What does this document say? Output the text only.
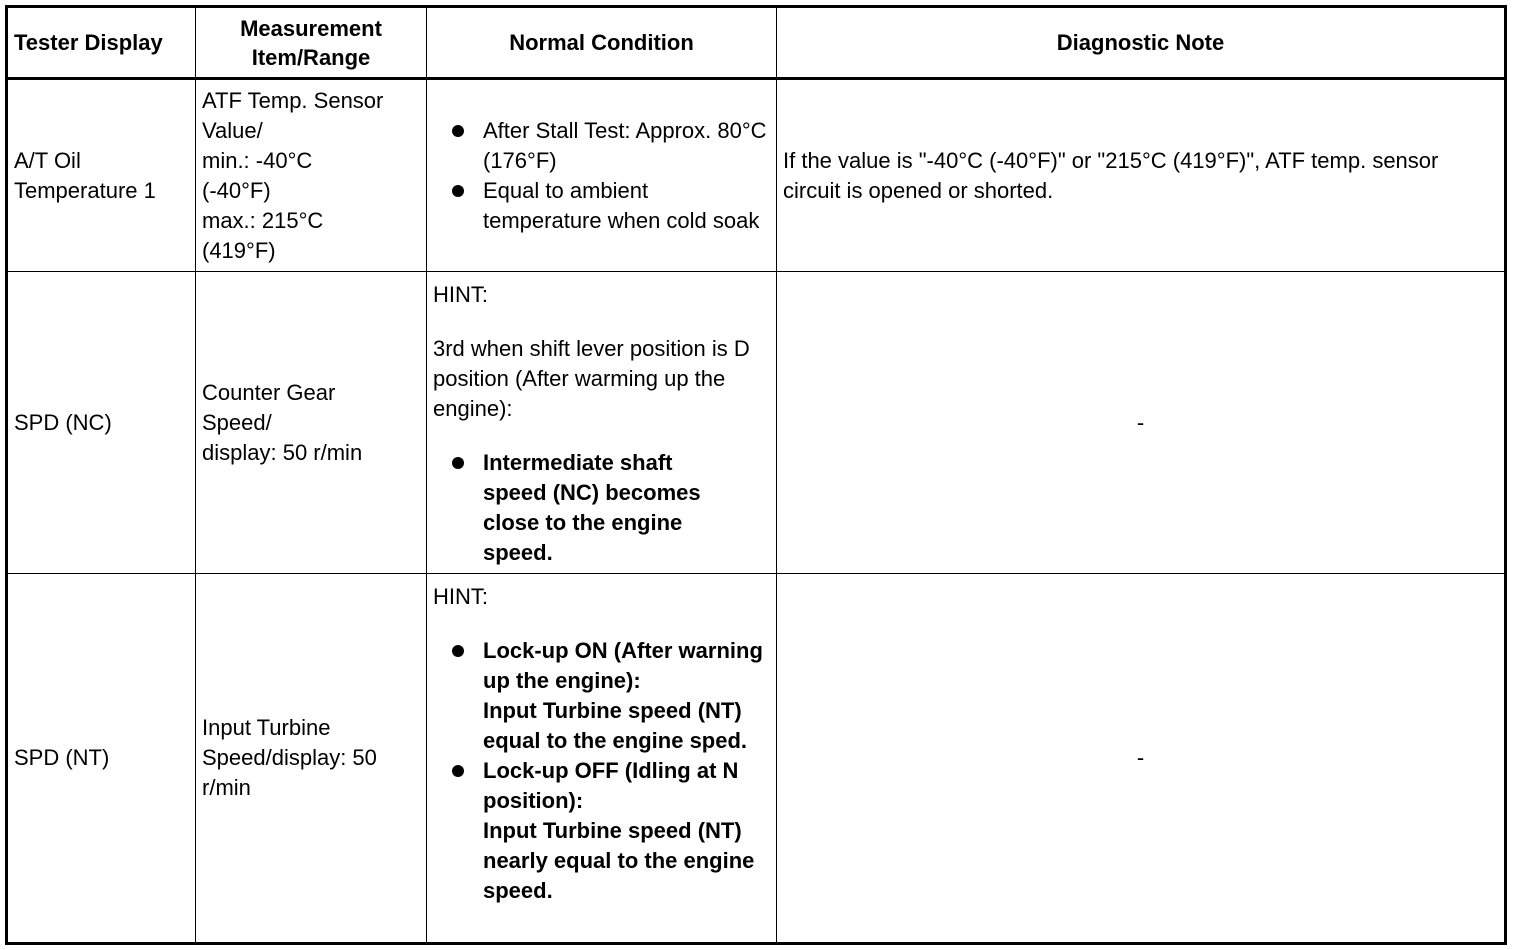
Tester Display
Measurement Item/Range
Normal Condition	Diagnostic Note
A/T Oil Temperature 1
ATF Temp. Sensor Value/
min.: -40°C (-40°F)
max.: 215°C (419°F)
After Stall Test: Approx. 80°C (176°F)
Equal to ambient temperature when cold soak
If the value is "-40°C (-40°F)" or "215°C (419°F)", ATF temp. sensor circuit is opened or shorted.
SPD (NC)
Counter Gear Speed/
display: 50 r/min
HINT:
3rd when shift lever position is D position (After warming up the engine):
Intermediate shaft speed (NC) becomes close to the engine speed.
-
SPD (NT)
Input Turbine Speed/display: 50 r/min
HINT:
Lock-up ON (After warning up the engine):
Input Turbine speed (NT) equal to the engine sped.
Lock-up OFF (Idling at N position):
Input Turbine speed (NT) nearly equal to the engine speed.
-
